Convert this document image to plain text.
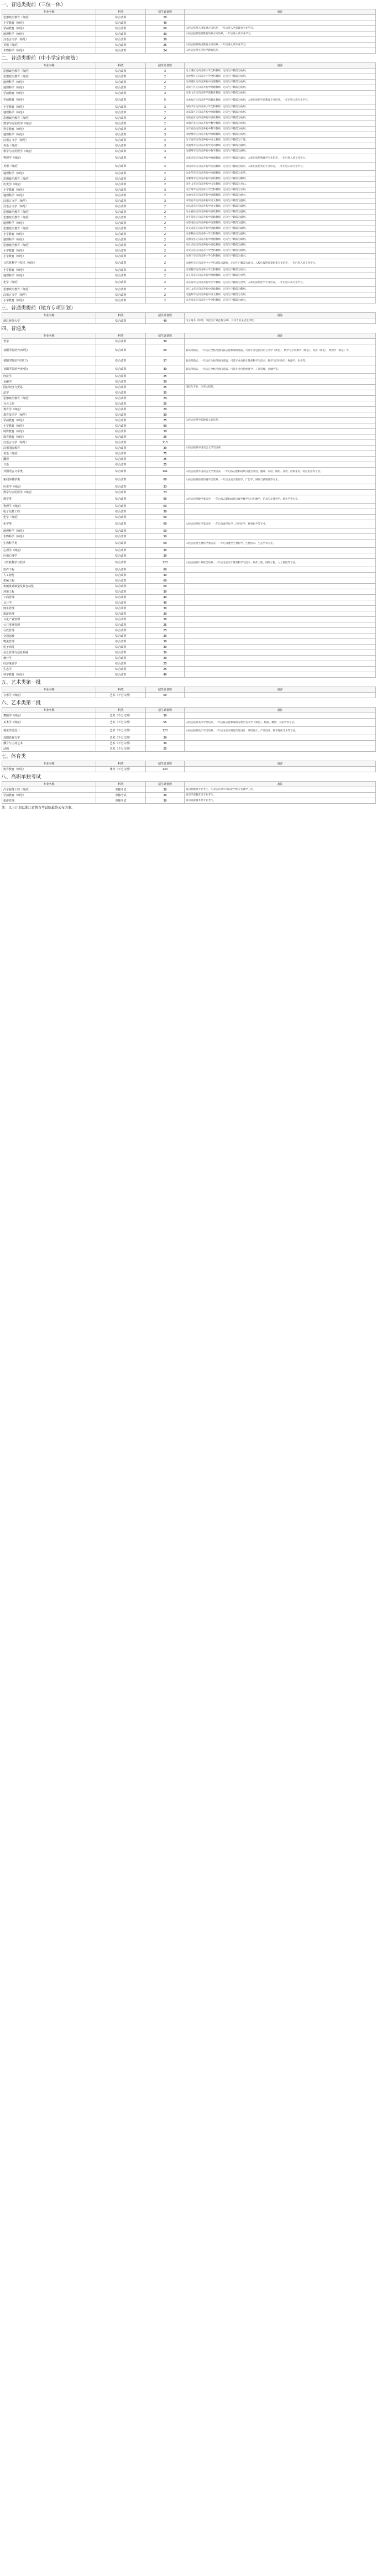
一、普通类提前（三位一体）
专业名称	科类	招生计划数	备注
思想政治教育（师范）	综合改革	20	
小学教育（师范）	综合改革	40	
学前教育（师范）	综合改革	60	入校后按照入围发展方向培养，一年后进入学前教育专业学习。
地理科学（师范）	综合改革	30	入校后按照地理教育培养方向培养，一年后进入该专业学习。
汉语言文学（师范）	综合改革	30	
英语（师范）	综合改革	25	入校后按照英语教育方向培养，一年后进入该专业学习。
生物科学（师范）	综合改革	24	入校后按照生化科学教育培养。
二、普通类提前（中小学定向师资）
专业名称	科类	招生计划数	备注
思想政治教育（师范）	综合改革	3	为上城区定向培养小学全科教师，定向生户籍需为杭州。
思想政治教育（师范）	综合改革	2	为拱墅区定向培养小学全科教师，定向生户籍需为杭州。
地理科学（师范）	综合改革	2	为西湖区定向培养初中地理教师，定向生户籍需为杭州。
地理科学（师范）	综合改革	2	为滨江区定向培养初中地理教师，定向生户籍需为杭州。
学前教育（师范）	综合改革	3	为萧山区定向培养学前教育教师，定向生户籍需为杭州。
学前教育（师范）	综合改革	5	为余杭区定向培养学前教育教师，定向生户籍需为杭州，入校后按照学前教育专业培养，一年后进入该专业学习。
小学教育（师范）	综合改革	3	为临平区定向培养小学全科教师，定向生户籍需为杭州。
地理科学（师范）	综合改革	2	为富阳区定向培养初中地理教师，定向生户籍需为杭州。
思想政治教育（师范）	综合改革	2	为临安区定向培养初中思政教师，定向生户籍需为杭州。
数学与应用数学（师范）	综合改革	2	为桐庐县定向培养初中数学教师，定向生户籍需为杭州。
科学教育（师范）	综合改革	3	为淳安县定向培养初中科学教师，定向生户籍需为杭州。
地理科学（师范）	综合改革	3	为建德市定向培养初中地理教师，定向生户籍需为杭州。
汉语言文学（师范）	综合改革	4	为宁波市定向培养初中语文教师，定向生户籍需为宁波。
英语（师范）	综合改革	3	为温州市定向培养初中英语教师，定向生户籍需为温州。
数学与应用数学（师范）	综合改革	3	为湖州市定向培养初中数学教师，定向生户籍需为湖州。
物理学（师范）	综合改革	4	为嘉兴市定向培养初中物理教师，定向生户籍需为嘉兴，入校后按照物理学专业培养，一年后进入该专业学习。
英语（师范）	综合改革	4	为绍兴市定向培养初中英语教师，定向生户籍需为绍兴，入校后按照英语专业培养，一年后进入该专业学习。
地理科学（师范）	综合改革	2	为金华市定向培养初中地理教师，定向生户籍需为金华。
思想政治教育（师范）	综合改革	2	为衢州市定向培养初中思政教师，定向生户籍需为衢州。
历史学（师范）	综合改革	2	为舟山市定向培养初中历史教师，定向生户籍需为舟山。
小学教育（师范）	综合改革	3	为台州市定向培养小学全科教师，定向生户籍需为台州。
地理科学（师范）	综合改革	2	为丽水市定向培养初中地理教师，定向生户籍需为丽水。
汉语言文学（师范）	综合改革	3	为瑞安市定向培养初中语文教师，定向生户籍需为温州。
汉语言文学（师范）	综合改革	2	为乐清市定向培养初中语文教师，定向生户籍需为温州。
思想政治教育（师范）	综合改革	2	为永嘉县定向培养初中思政教师，定向生户籍需为温州。
思想政治教育（师范）	综合改革	2	为平阳县定向培养初中思政教师，定向生户籍需为温州。
地理科学（师范）	综合改革	2	为苍南县定向培养初中地理教师，定向生户籍需为温州。
思想政治教育（师范）	综合改革	2	为文成县定向培养初中思政教师，定向生户籍需为温州。
小学教育（师范）	综合改革	2	为泰顺县定向培养小学全科教师，定向生户籍需为温州。
地理科学（师范）	综合改革	2	为德清县定向培养初中地理教师，定向生户籍需为湖州。
思想政治教育（师范）	综合改革	2	为长兴县定向培养初中思政教师，定向生户籍需为湖州。
小学教育（师范）	综合改革	2	为安吉县定向培养小学全科教师，定向生户籍需为湖州。
小学教育（师范）	综合改革	2	为海宁市定向培养小学全科教师，定向生户籍需为嘉兴。
计算机科学与技术（师范）	综合改革	2	为桐乡市定向培养中小学信息技术教师，定向生户籍需为嘉兴，入校后按照计算机类专业培养，一年后进入该专业学习。
小学教育（师范）	综合改革	3	为诸暨市定向培养小学全科教师，定向生户籍需为绍兴。
地理科学（师范）	综合改革	2	为义乌市定向培养初中地理教师，定向生户籍需为金华。
化学（师范）	综合改革	2	为东阳市定向培养初中化学教师，定向生户籍需为金华，入校后按照化学专业培养，一年后进入该专业学习。
思想政治教育（师范）	综合改革	2	为江山市定向培养初中思政教师，定向生户籍需为衢州。
汉语言文学（师范）	综合改革	2	为温岭市定向培养初中语文教师，定向生户籍需为台州。
小学教育（师范）	综合改革	2	为龙泉市定向培养小学全科教师，定向生户籍需为丽水。
三、普通类提前（地方专项计划）
专业名称	科类	招生计划数	备注
浙江财经大学	综合改革	49	电子商务（师范）等招生计划总数为49，具体专业见招生章程。
四、普通类
专业名称	科类	招生计划数	备注
哲学	综合改革	30	
初阳学院培养(师范)	综合改革	60	新高考模式，一年后在全校范围内按志愿和成绩选拔，可选专业包括汉语言文学（师范）、数学与应用数学（师范）、英语（师范）、物理学（师范）等。
初阳学院培养(理工)	综合改革	57	新高考模式，一年后在全校范围内选拔，可选专业包括计算机科学与技术、数学与应用数学、物理学、化学等。
初阳学院培养(经管)	综合改革	30	新高考模式，一年后在全校范围内选拔，可选专业包括经济学、工商管理、金融学等。
经济学	综合改革	25	
金融学	综合改革	30	
国际经济与贸易	综合改革	25	国际化专业，全英文授课。
法学	综合改革	35	
思想政治教育（师范）	综合改革	29	
社会工作	综合改革	25	
教育学（师范）	综合改革	20	
教育技术学（师范）	综合改革	30	
学前教育（师范）	综合改革	75	入校后按照学前教育大类培养。
小学教育（师范）	综合改革	90	
特殊教育（师范）	综合改革	30	
体育教育（师范）	综合改革	25	
汉语言文学（师范）	综合改革	115	
汉语国际教育	综合改革	30	入校后按照中国语言文学类培养。
英语（师范）	综合改革	75	
翻译	综合改革	25	
日语	综合改革	25	
外国语言文学类	综合改革	141	入校后按照外国语言文学类培养，一年后按志愿和成绩分流至英语、翻译、日语、俄语、法语、西班牙语、阿拉伯语等专业。
新闻传播学类	综合改革	60	入校后按照新闻传播学类培养，一年后分流至新闻学、广告学、网络与新媒体等专业。
历史学（师范）	综合改革	33	
数学与应用数学（师范）	综合改革	73	
数学类	综合改革	90	入校后按照数学类培养，一年后按志愿和成绩分流至数学与应用数学、信息与计算科学、统计学等专业。
物理学（师范）	综合改革	60	
电子信息工程	综合改革	30	
化学（师范）	综合改革	60	
化学类	综合改革	60	入校后按照化学类培养，一年后分流至化学、应用化学、材料化学等专业。
地理科学（师范）	综合改革	50	
生物科学（师范）	综合改革	50	
生物科学类	综合改革	60	入校后按照生物科学类培养，一年后分流至生物科学、生物技术、生态学等专业。
心理学（师范）	综合改革	30	
应用心理学	综合改革	30	
计算机科学与技术	综合改革	120	入校后按照计算机类培养，一年后分流至计算机科学与技术、软件工程、网络工程、人工智能等专业。
软件工程	综合改革	60	
人工智能	综合改革	40	
机械工程	综合改革	60	
机械设计制造及其自动化	综合改革	60	
环境工程	综合改革	30	
工商管理	综合改革	40	
会计学	综合改革	40	
财务管理	综合改革	30	
旅游管理	综合改革	30	
文化产业管理	综合改革	30	
公共事业管理	综合改革	25	
行政管理	综合改革	25	
交通运输	综合改革	30	
物流管理	综合改革	30	
电子商务	综合改革	30	
信息管理与信息系统	综合改革	30	
统计学	综合改革	30	
经济统计学	综合改革	25	
生态学	综合改革	25	
科学教育（师范）	综合改革	40	
五、艺术类第一批
专业名称	科类	招生计划数	备注
音乐学（师范）	艺术（不分文理）	60	
六、艺术类第二批
专业名称	科类	招生计划数	备注
舞蹈学（师范）	艺术（不分文理）	30	
美术学（师范）	艺术（不分文理）	55	入校后按照美术学类培养，一年后按志愿和成绩分流至美术学（师范）、绘画、雕塑、书法学等专业。
视觉传达设计	艺术（不分文理）	120	入校后按照设计学类培养，一年后分流至视觉传达设计、环境设计、产品设计、数字媒体艺术等专业。
戏剧影视文学	艺术（不分文理）	30	
播音与主持艺术	艺术（不分文理）	30	
动画	艺术（不分文理）	25	
七、体育类
专业名称	科类	招生计划数	备注
体育教育（师范）	体育（不分文理）	130	
八、高职单独考试
专业名称	科类	招生计划数	备注
汽车服务工程（师范）	单独考试	30	面向机械类专业考生，毕业后从事中等职业学校专业教学工作。
学前教育（师范）	单独考试	30	面向学前教育类专业考生。
旅游管理	单独考试	30	面向旅游服务类专业考生。
注：以上计划以浙江省教育考试院最终公布为准。
